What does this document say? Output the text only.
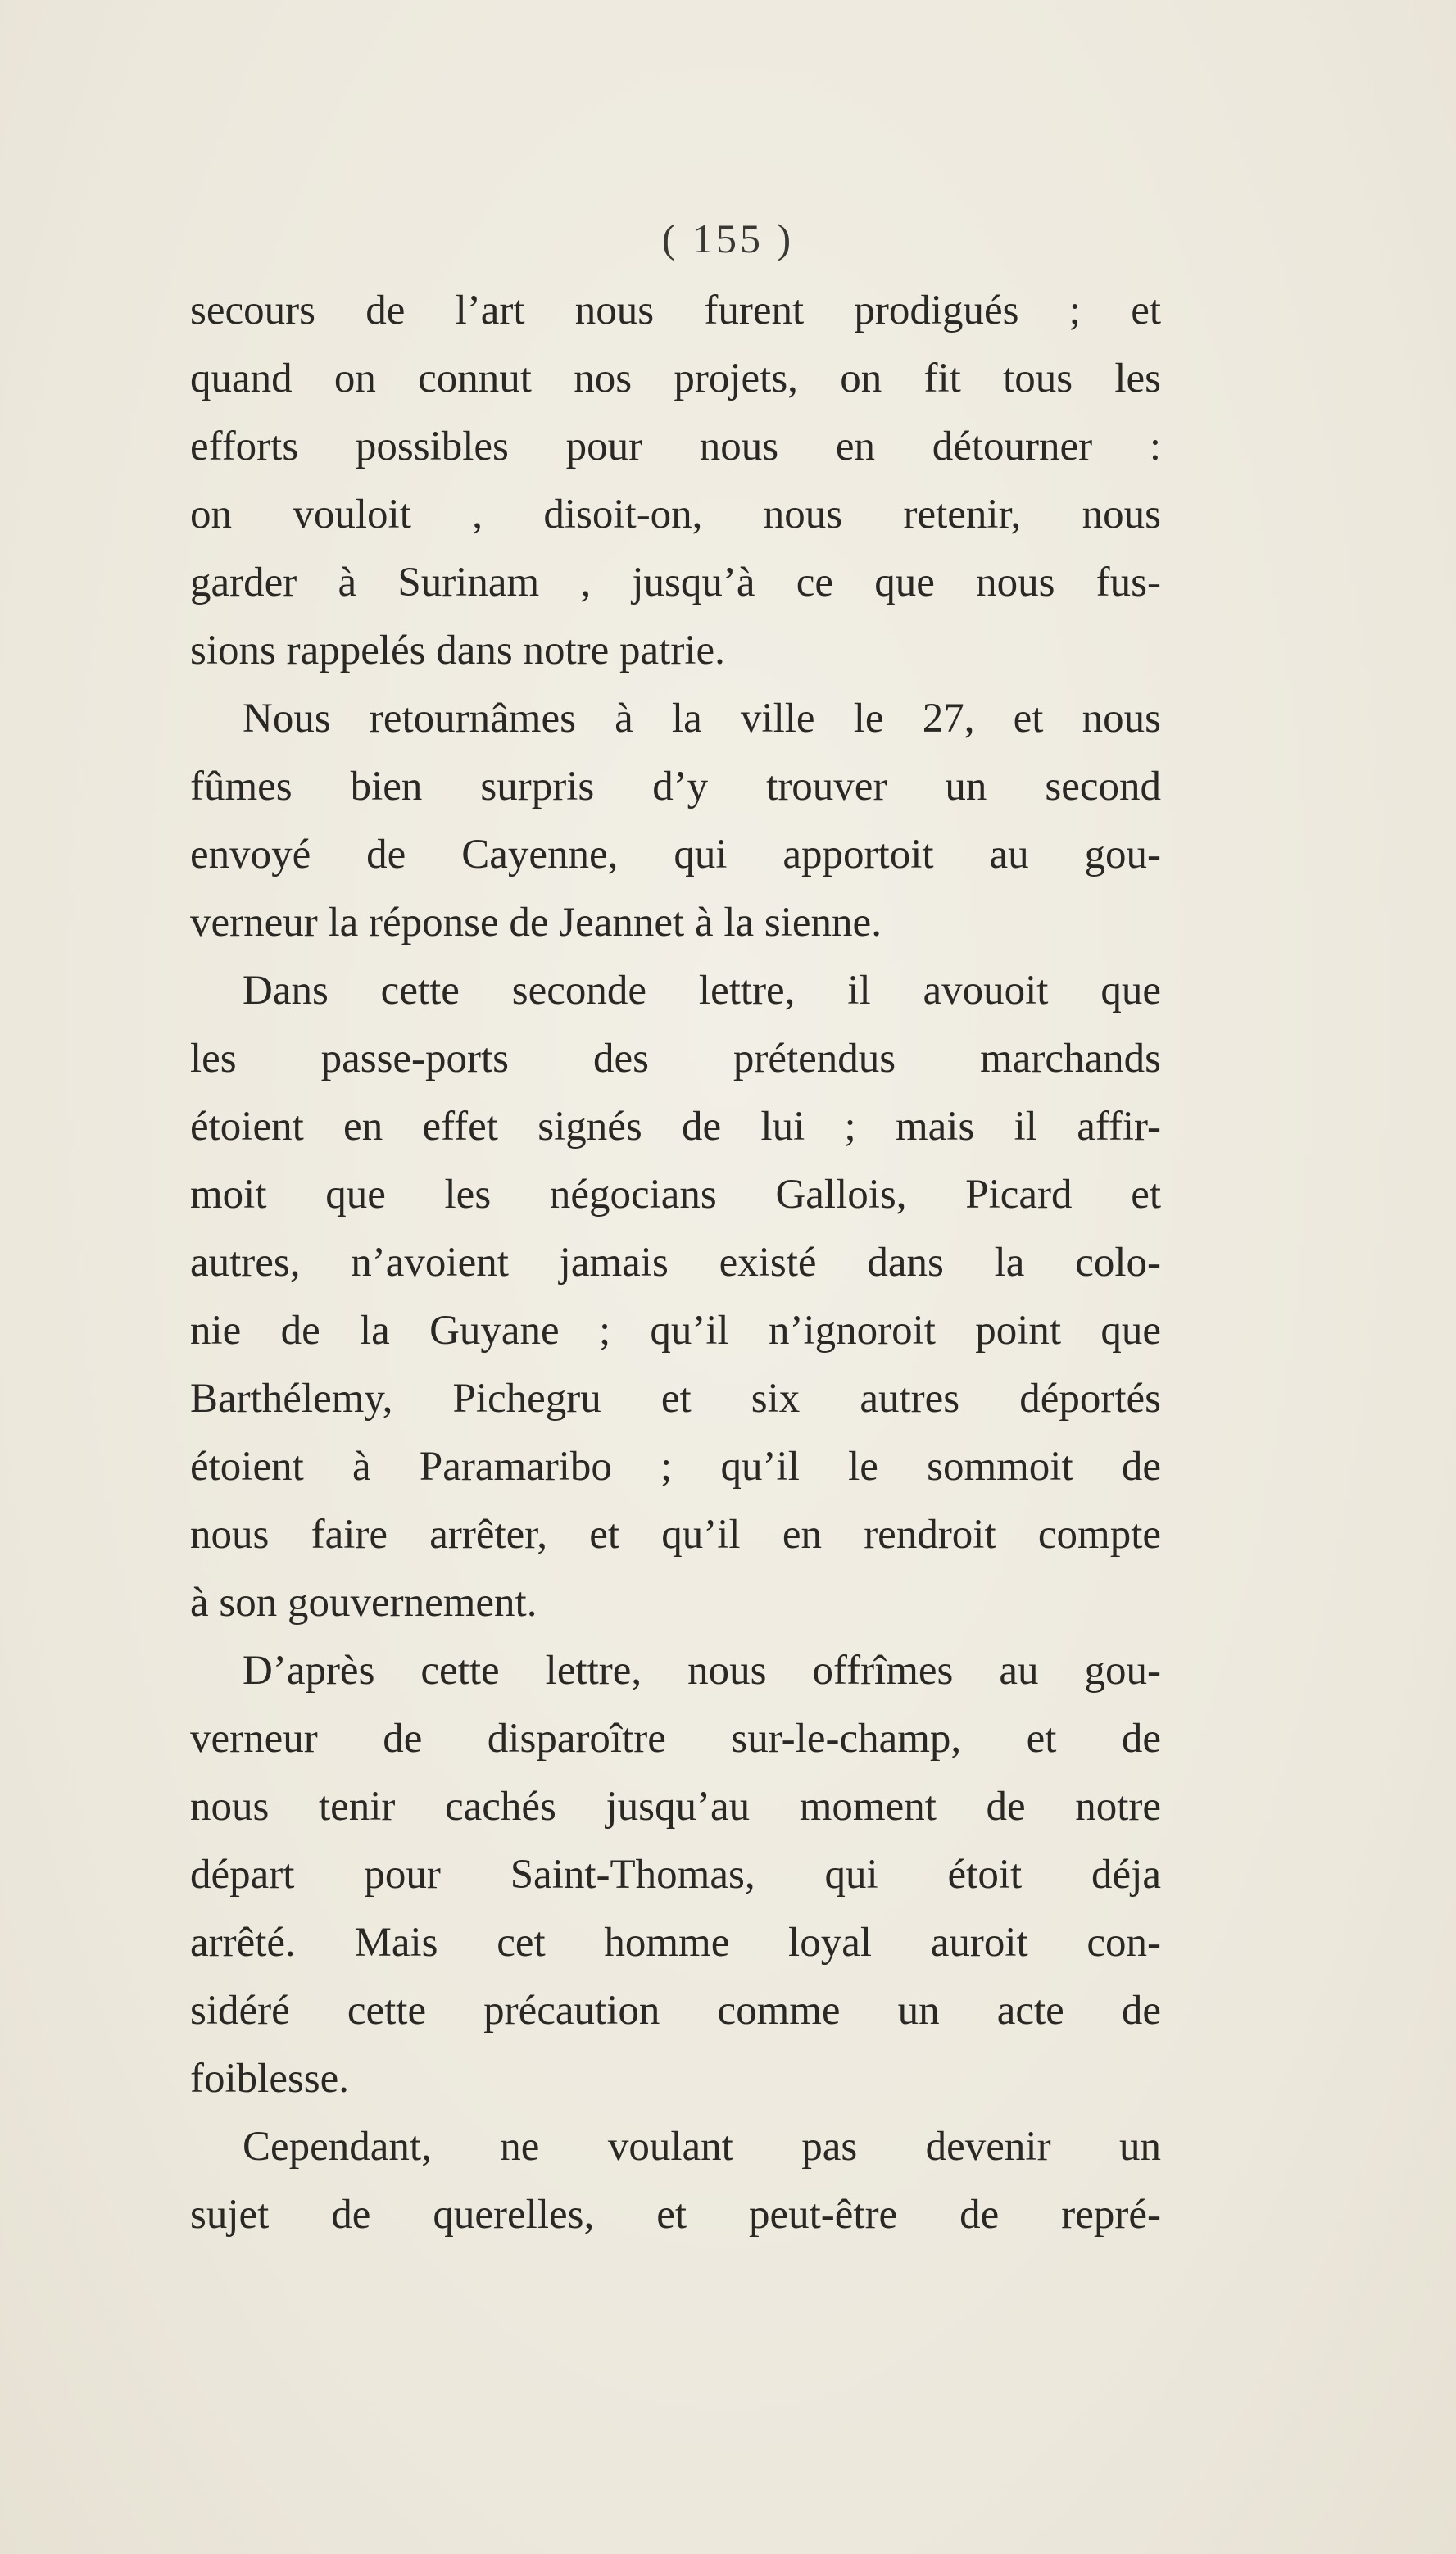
( 155 )
secours de l’art nous furent prodigués ; et
quand on connut nos projets, on fit tous les
efforts possibles pour nous en détourner :
on vouloit , disoit-on, nous retenir, nous
garder à Surinam , jusqu’à ce que nous fus-
sions rappelés dans notre patrie.
Nous retournâmes à la ville le 27, et nous
fûmes bien surpris d’y trouver un second
envoyé de Cayenne, qui apportoit au gou-
verneur la réponse de Jeannet à la sienne.
Dans cette seconde lettre, il avouoit que
les passe-ports des prétendus marchands
étoient en effet signés de lui ; mais il affir-
moit que les négocians Gallois, Picard et
autres, n’avoient jamais existé dans la colo-
nie de la Guyane ; qu’il n’ignoroit point que
Barthélemy, Pichegru et six autres déportés
étoient à Paramaribo ; qu’il le sommoit de
nous faire arrêter, et qu’il en rendroit compte
à son gouvernement.
D’après cette lettre, nous offrîmes au gou-
verneur de disparoître sur-le-champ, et de
nous tenir cachés jusqu’au moment de notre
départ pour Saint-Thomas, qui étoit déja
arrêté. Mais cet homme loyal auroit con-
sidéré cette précaution comme un acte de
foiblesse.
Cependant, ne voulant pas devenir un
sujet de querelles, et peut-être de repré-
